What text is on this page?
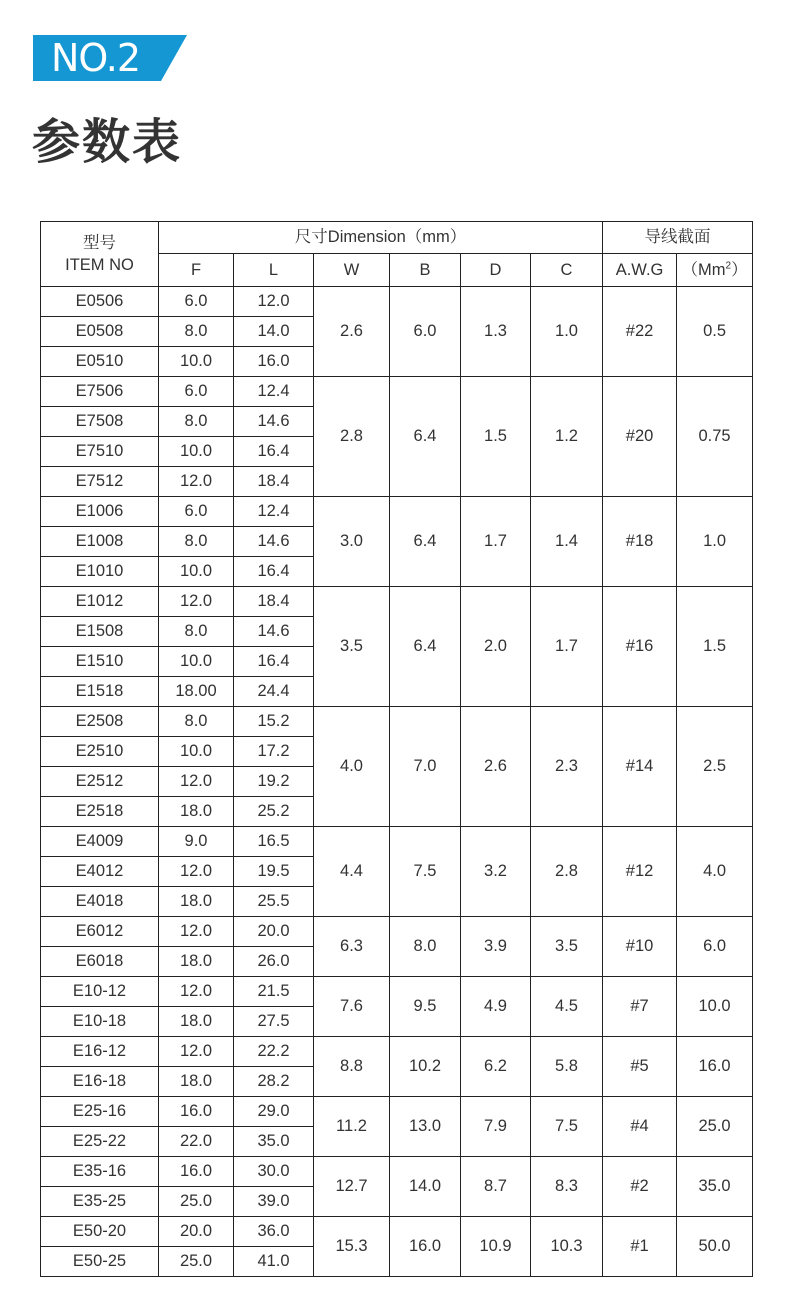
NO.2
参数表
型号
ITEM NO	尺寸Dimension（mm）						导线截面	
	F	L	W	B	D	C	A.W.G	（Mm$^2$）
E0506	6.0	12.0	2.6	6.0	1.3	1.0	#22	0.5
E0508	8.0	14.0						
E0510	10.0	16.0						
E7506	6.0	12.4	2.8	6.4	1.5	1.2	#20	0.75
E7508	8.0	14.6						
E7510	10.0	16.4						
E7512	12.0	18.4						
E1006	6.0	12.4	3.0	6.4	1.7	1.4	#18	1.0
E1008	8.0	14.6						
E1010	10.0	16.4						
E1012	12.0	18.4	3.5	6.4	2.0	1.7	#16	1.5
E1508	8.0	14.6						
E1510	10.0	16.4						
E1518	18.00	24.4						
E2508	8.0	15.2	4.0	7.0	2.6	2.3	#14	2.5
E2510	10.0	17.2						
E2512	12.0	19.2						
E2518	18.0	25.2						
E4009	9.0	16.5	4.4	7.5	3.2	2.8	#12	4.0
E4012	12.0	19.5						
E4018	18.0	25.5						
E6012	12.0	20.0	6.3	8.0	3.9	3.5	#10	6.0
E6018	18.0	26.0						
E10-12	12.0	21.5	7.6	9.5	4.9	4.5	#7	10.0
E10-18	18.0	27.5						
E16-12	12.0	22.2	8.8	10.2	6.2	5.8	#5	16.0
E16-18	18.0	28.2						
E25-16	16.0	29.0	11.2	13.0	7.9	7.5	#4	25.0
E25-22	22.0	35.0						
E35-16	16.0	30.0	12.7	14.0	8.7	8.3	#2	35.0
E35-25	25.0	39.0						
E50-20	20.0	36.0	15.3	16.0	10.9	10.3	#1	50.0
E50-25	25.0	41.0						
